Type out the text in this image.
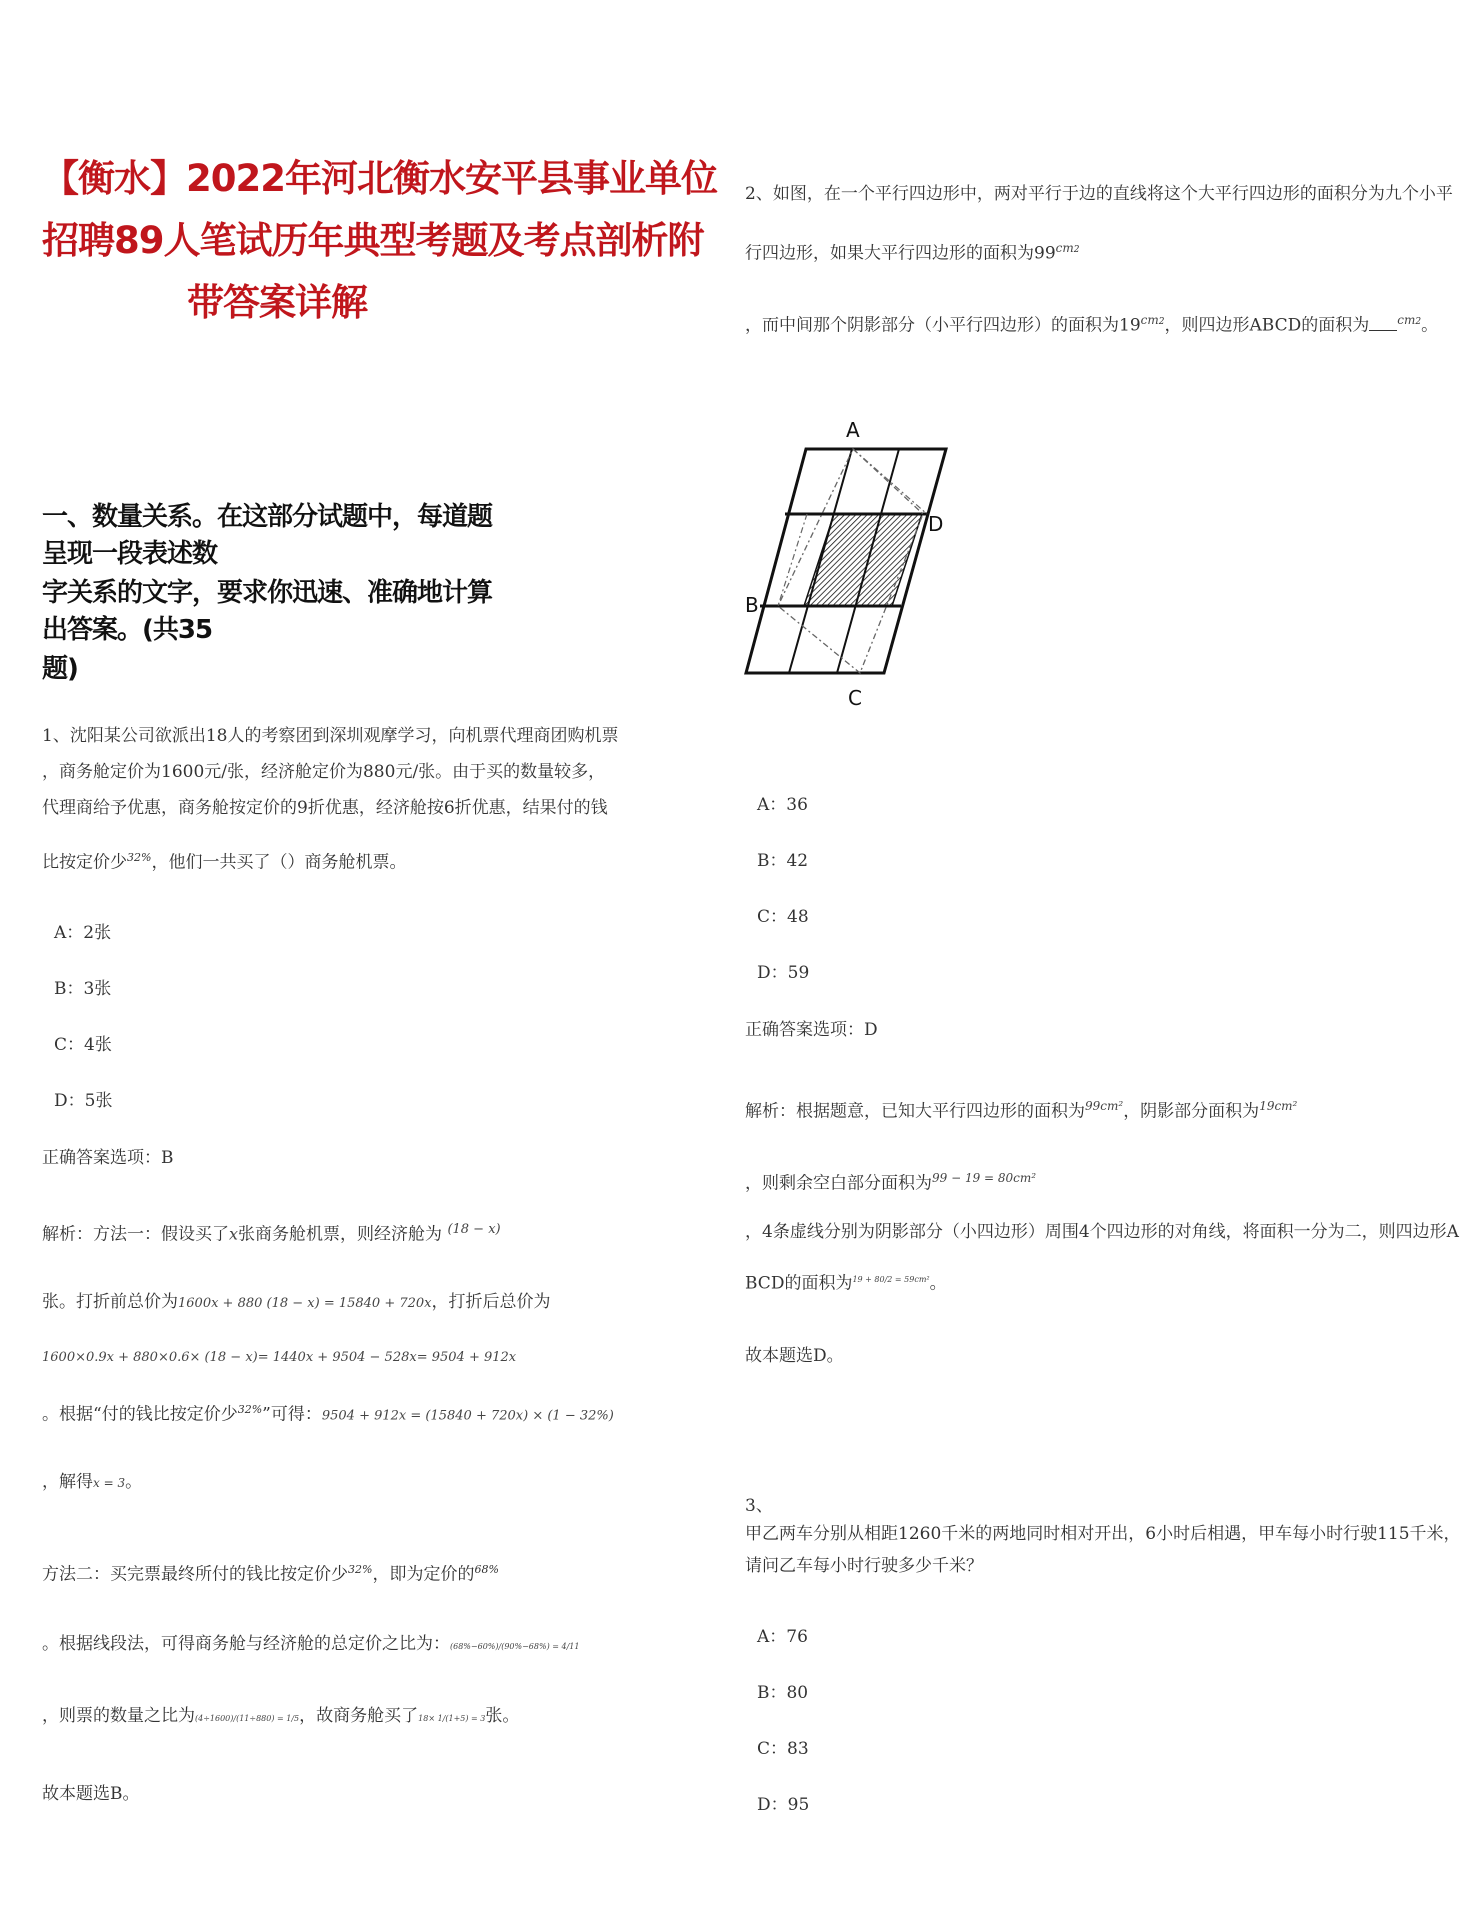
【衡水】2022年河北衡水安平县事业单位
招聘89人笔试历年典型考题及考点剖析附
带答案详解
一、数量关系。在这部分试题中，每道题呈现一段表述数
字关系的文字，要求你迅速、准确地计算出答案。(共35
题)

1、沈阳某公司欲派出18人的考察团到深圳观摩学习，向机票代理商团购机票

，商务舱定价为1600元/张，经济舱定价为880元/张。由于买的数量较多，

代理商给予优惠，商务舱按定价的9折优惠，经济舱按6折优惠，结果付的钱

比按定价少$^{32\%}$，他们一共买了（）商务舱机票。

A：2张

B：3张

C：4张

D：5张

正确答案选项：B

解析：方法一：假设买了x张商务舱机票，则经济舱为 $^{(18 - x)}$

张。打折前总价为1600x + 880 (18 − x) = 15840 + 720x，打折后总价为

1600×0.9x + 880×0.6× (18 − x)= 1440x + 9504 − 528x= 9504 + 912x

。根据“付的钱比按定价少$^{32\%}$”可得：9504 + 912x = (15840 + 720x) × (1 − 32%)

，解得x = 3。

方法二：买完票最终所付的钱比按定价少$^{32\%}$，即为定价的$^{68\%}$

。根据线段法，可得商务舱与经济舱的总定价之比为：(68%−60%)/(90%−68%) = 4/11

，则票的数量之比为(4÷1600)/(11÷880) = 1/5，故商务舱买了18× 1/(1+5) = 3张。

故本题选B。

2、如图，在一个平行四边形中，两对平行于边的直线将这个大平行四边形的面积分为九个小平

行四边形，如果大平行四边形的面积为$99^{cm2}$

，而中间那个阴影部分（小平行四边形）的面积为$19^{cm2}$，则四边形ABCD的面积为 $^{cm2}$。

A
D
B
C

A：36

B：42

C：48

D：59

正确答案选项：D

解析：根据题意，已知大平行四边形的面积为$^{99cm^2}$，阴影部分面积为$^{19cm^2}$

，则剩余空白部分面积为$^{99 - 19 = 80cm^2}$

，4条虚线分别为阴影部分（小四边形）周围4个四边形的对角线，将面积一分为二，则四边形A

BCD的面积为$^{19 + 80/2 = 59cm^2}$。

故本题选D。

3、

甲乙两车分别从相距1260千米的两地同时相对开出，6小时后相遇，甲车每小时行驶115千米，

请问乙车每小时行驶多少千米？

A：76

B：80

C：83

D：95
